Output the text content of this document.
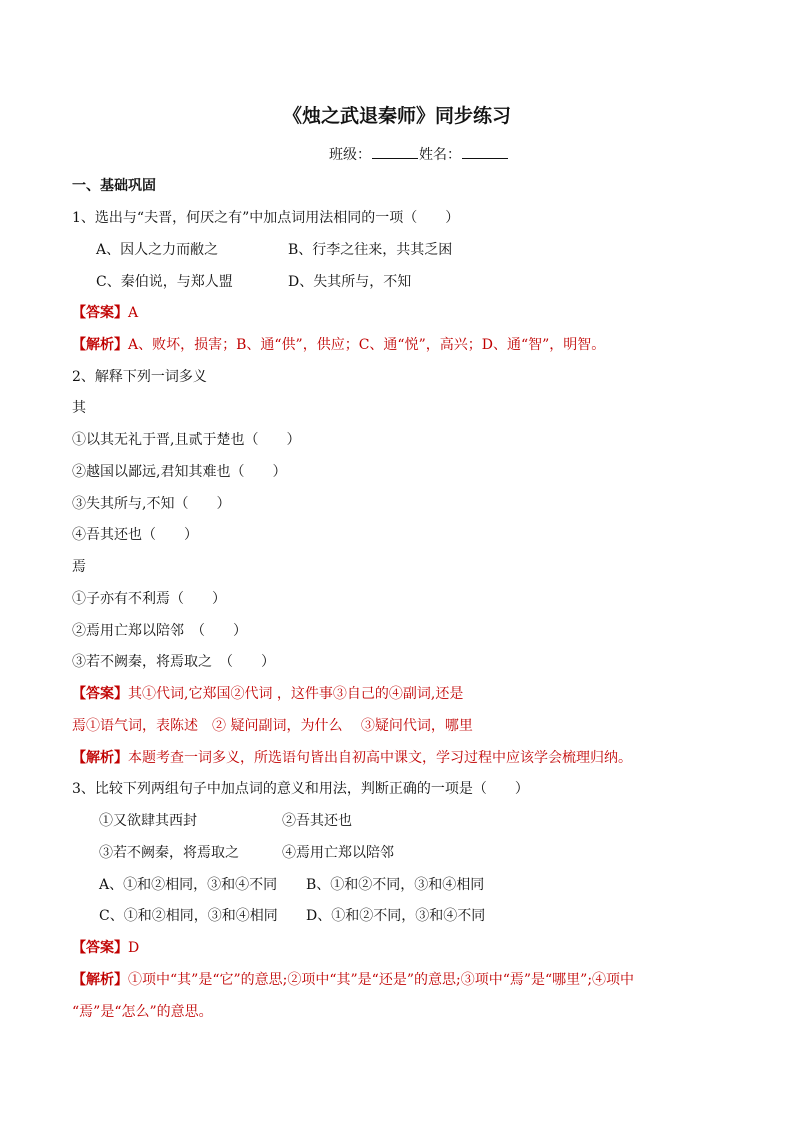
《烛之武退秦师》同步练习
班级：	姓名：
一、基础巩固
1、选出与“夫晋，何厌之有”中加点词用法相同的一项（　　）
A、因人之力而敝之	B、行李之往来，共其乏困
C、秦伯说，与郑人盟	D、失其所与，不知
【答案】A
【解析】A、败坏，损害；B、通“供”，供应；C、通“悦”，高兴；D、通“智”，明智。
2、解释下列一词多义
其
①以其无礼于晋,且贰于楚也（　　）
②越国以鄙远,君知其难也（　　）
③失其所与,不知（　　）
④吾其还也（　　）
焉
①子亦有不利焉（　　）
②焉用亡郑以陪邻　（　　）
③若不阙秦，将焉取之　（　　）
【答案】其①代词,它郑国②代词 ，这件事③自己的④副词,还是
焉①语气词，表陈述　② 疑问副词，为什么　 ③疑问代词，哪里
【解析】本题考查一词多义，所选语句皆出自初高中课文，学习过程中应该学会梳理归纳。
3、比较下列两组句子中加点词的意义和用法，判断正确的一项是（　　）
①又欲肆其西封	②吾其还也
③若不阙秦，将焉取之	④焉用亡郑以陪邻
A、①和②相同，③和④不同 B、①和②不同，③和④相同
C、①和②相同，③和④相同 D、①和②不同，③和④不同
【答案】D
【解析】①项中“其”是“它”的意思;②项中“其”是“还是”的意思;③项中“焉”是“哪里”;④项中
“焉”是“怎么”的意思。
